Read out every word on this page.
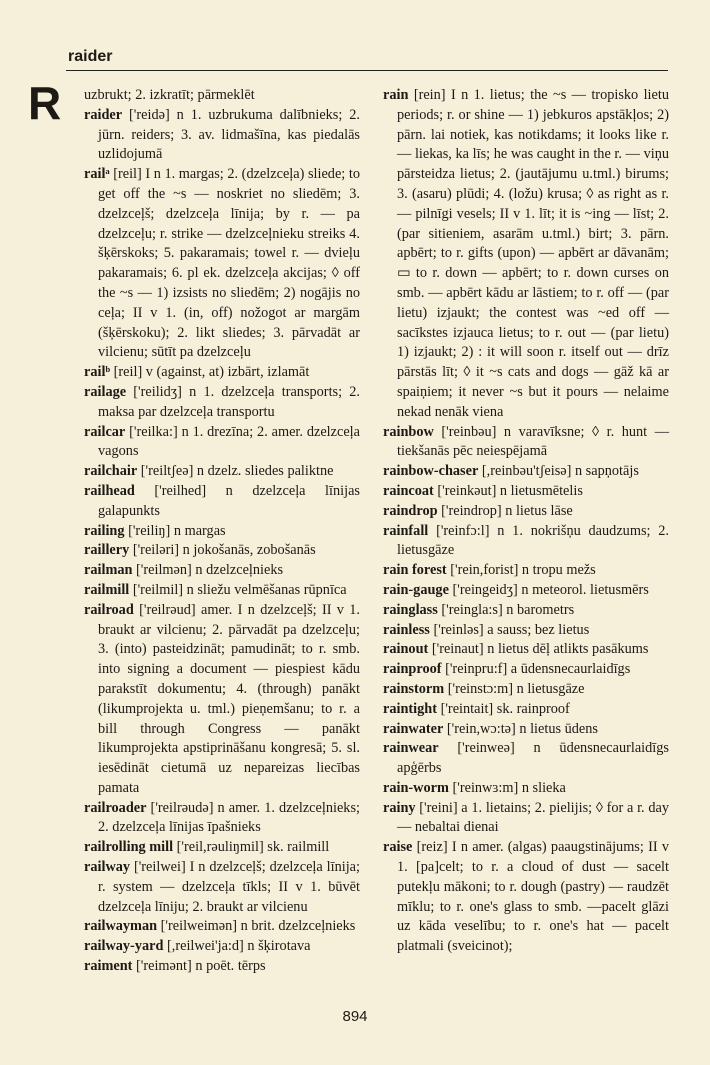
raider
R uzbrukt; 2. izkratīt; pārmeklēt

raider ['reidə] n 1. uzbrukuma dalībnieks; 2. jūrn. reiders; 3. av. lidmašīna, kas piedalās uzlidojumā

railᵃ [reil] I n 1. margas; 2. (dzelzceļa) sliede; to get off the ~s — noskriet no sliedēm; 3. dzelzceļš; dzelzceļa līnija; by r. — pa dzelzceļu; r. strike — dzelzceļnieku streiks 4. šķērskoks; 5. pakaramais; towel r. — dvieļu pakaramais; 6. pl ek. dzelzceļa akcijas; ◊ off the ~s — 1) izsists no sliedēm; 2) nogājis no ceļa; II v 1. (in, off) nožogot ar margām (šķērskoku); 2. likt sliedes; 3. pārvadāt ar vilcienu; sūtīt pa dzelzceļu

railᵇ [reil] v (against, at) izbārt, izlamāt

railage ['reilidʒ] n 1. dzelzceļa transports; 2. maksa par dzelzceļa transportu

railcar ['reilka:] n 1. drezīna; 2. amer. dzelzceļa vagons

railchair ['reiltʃeə] n dzelz. sliedes paliktne

railhead ['reilhed] n dzelzceļa līnijas galapunkts

railing ['reiliŋ] n margas

raillery ['reiləri] n jokošanās, zobošanās

railman ['reilmən] n dzelzceļnieks

railmill ['reilmil] n sliežu velmēšanas rūpnīca

railroad ['reilrəud] amer. I n dzelzceļš; II v 1. braukt ar vilcienu; 2. pārvadāt pa dzelzceļu; 3. (into) pasteidzināt; pamudināt; to r. smb. into signing a document — piespiest kādu parakstīt dokumentu; 4. (through) panākt (likumprojekta u. tml.) pieņemšanu; to r. a bill through Congress — panākt likumprojekta apstiprināšanu kongresā; 5. sl. iesēdināt cietumā uz nepareizas liecības pamata

railroader ['reilrəudə] n amer. 1. dzelzceļnieks; 2. dzelzceļa līnijas īpašnieks

railrolling mill ['reil,rəuliŋmil] sk. railmill

railway ['reilwei] I n dzelzceļš; dzelzceļa līnija; r. system — dzelzceļa tīkls; II v 1. būvēt dzelzceļa līniju; 2. braukt ar vilcienu

railwayman ['reilweimən] n brit. dzelzceļnieks

railway-yard [,reilwei'ja:d] n šķirotava

raiment ['reimənt] n poēt. tērps

rain [rein] I n 1. lietus; the ~s — tropisko lietu periods; r. or shine — 1) jebkuros apstākļos; 2) pārn. lai notiek, kas notikdams; it looks like r. — liekas, ka līs; he was caught in the r. — viņu pārsteidza lietus; 2. (jautājumu u.tml.) birums; 3. (asaru) plūdi; 4. (ložu) krusa; ◊ as right as r. — pilnīgi vesels; II v 1. līt; it is ~ing — līst; 2. (par sitieniem, asarām u.tml.) birt; 3. pārn. apbērt; to r. gifts (upon) — apbērt ar dāvanām; ▭ to r. down — apbērt; to r. down curses on smb. — apbērt kādu ar lāstiem; to r. off — (par lietu) izjaukt; the contest was ~ed off — sacīkstes izjauca lietus; to r. out — (par lietu) 1) izjaukt; 2) : it will soon r. itself out — drīz pārstās līt; ◊ it ~s cats and dogs — gāž kā ar spaiņiem; it never ~s but it pours — nelaime nekad nenāk viena

rainbow ['reinbəu] n varavīksne; ◊ r. hunt — tiekšanās pēc neiespējamā

rainbow-chaser [,reinbəu'tʃeisə] n sapņotājs

raincoat ['reinkəut] n lietusmētelis

raindrop ['reindrop] n lietus lāse

rainfall ['reinfɔ:l] n 1. nokrišņu daudzums; 2. lietusgāze

rain forest ['rein,forist] n tropu mežs

rain-gauge ['reingeidʒ] n meteorol. lietusmērs

rainglass ['reingla:s] n barometrs

rainless ['reinləs] a sauss; bez lietus

rainout ['reinaut] n lietus dēļ atlikts pasākums

rainproof ['reinpru:f] a ūdensnecaurlaidīgs

rainstorm ['reinstɔ:m] n lietusgāze

raintight ['reintait] sk. rainproof

rainwater ['rein,wɔ:tə] n lietus ūdens

rainwear ['reinweə] n ūdensnecaurlaidīgs apģērbs

rain-worm ['reinwɜ:m] n slieka

rainy ['reini] a 1. lietains; 2. pielijis; ◊ for a r. day — nebaltai dienai

raise [reiz] I n amer. (algas) paaugstinājums; II v 1. [pa]celt; to r. a cloud of dust — sacelt putekļu mākoni; to r. dough (pastry) — raudzēt mīklu; to r. one's glass to smb. —pacelt glāzi uz kāda veselību; to r. one's hat — pacelt platmali (sveicinot);

894
